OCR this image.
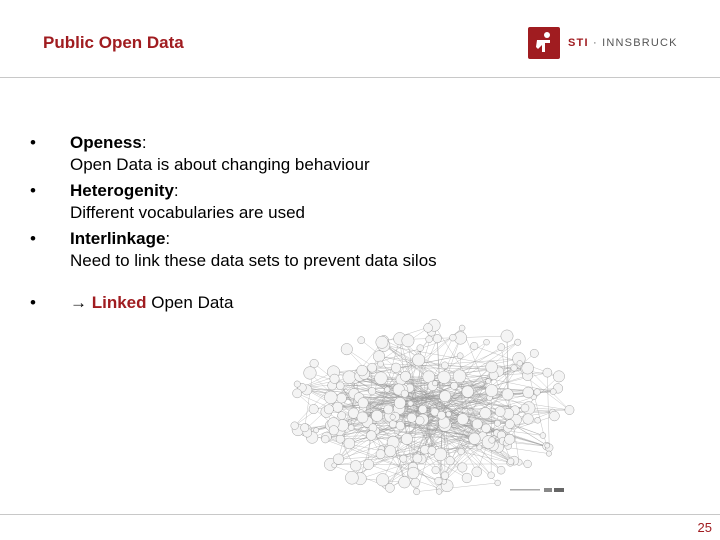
Public Open Data	STI · INNSBRUCK
• Openess:
Open Data is about changing behaviour
• Heterogenity:
Different vocabularies are used
• Interlinkage:
Need to link these data sets to prevent data silos
• → Linked Open Data
25
